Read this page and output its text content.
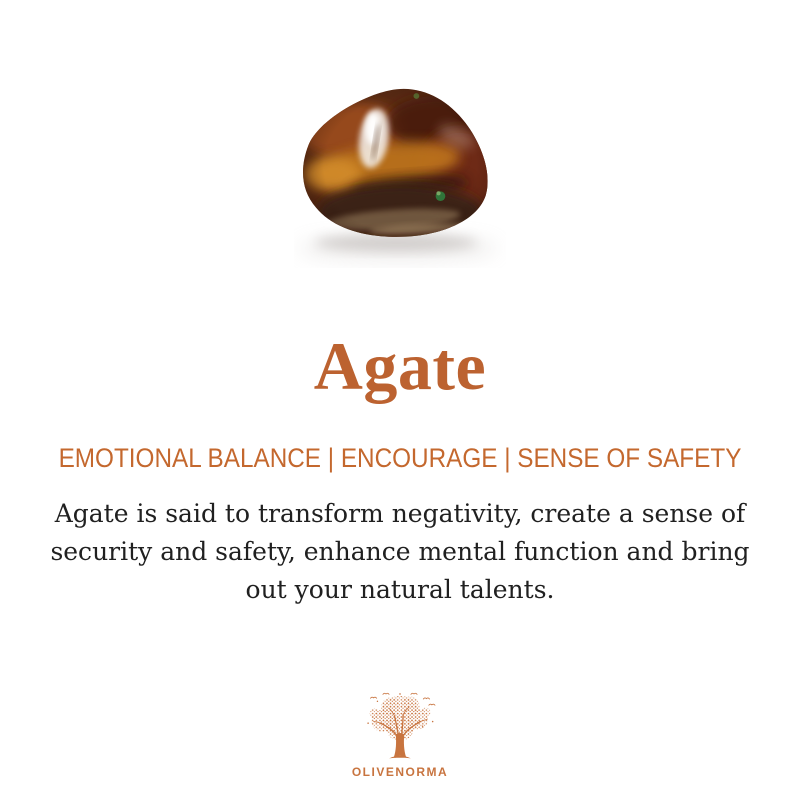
Agate
EMOTIONAL BALANCE | ENCOURAGE | SENSE OF SAFETY
Agate is said to transform negativity, create a sense of
security and safety, enhance mental function and bring
out your natural talents.
OLIVENORMA
